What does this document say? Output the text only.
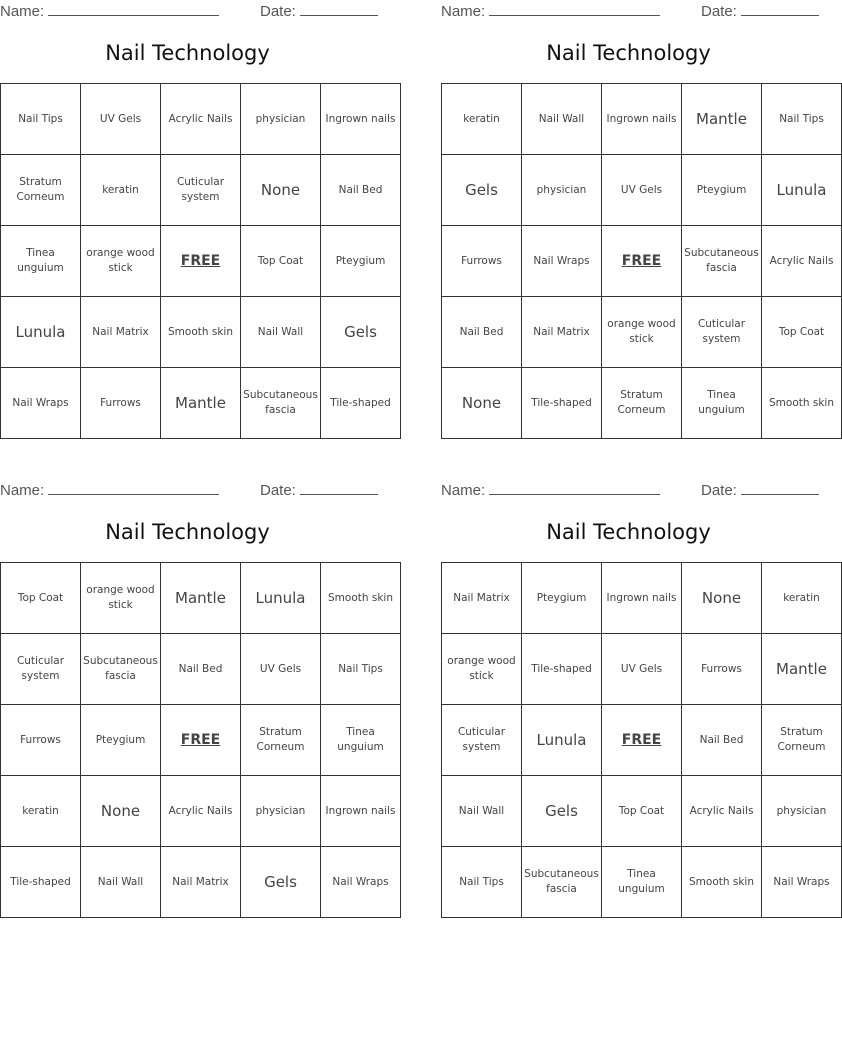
Name:	Date:
Nail Technology
Nail Tips	UV Gels	Acrylic Nails	physician	Ingrown nails
Stratum Corneum	keratin	Cuticular system	None	Nail Bed
Tinea unguium	orange wood stick	FREE	Top Coat	Pteygium
Lunula	Nail Matrix	Smooth skin	Nail Wall	Gels
Nail Wraps	Furrows	Mantle	Subcutaneous fascia	Tile-shaped
Name:	Date:
Nail Technology
keratin	Nail Wall	Ingrown nails	Mantle	Nail Tips
Gels	physician	UV Gels	Pteygium	Lunula
Furrows	Nail Wraps	FREE	Subcutaneous fascia	Acrylic Nails
Nail Bed	Nail Matrix	orange wood stick	Cuticular system	Top Coat
None	Tile-shaped	Stratum Corneum	Tinea unguium	Smooth skin
Name:	Date:
Nail Technology
Top Coat	orange wood stick	Mantle	Lunula	Smooth skin
Cuticular system	Subcutaneous fascia	Nail Bed	UV Gels	Nail Tips
Furrows	Pteygium	FREE	Stratum Corneum	Tinea unguium
keratin	None	Acrylic Nails	physician	Ingrown nails
Tile-shaped	Nail Wall	Nail Matrix	Gels	Nail Wraps
Name:	Date:
Nail Technology
Nail Matrix	Pteygium	Ingrown nails	None	keratin
orange wood stick	Tile-shaped	UV Gels	Furrows	Mantle
Cuticular system	Lunula	FREE	Nail Bed	Stratum Corneum
Nail Wall	Gels	Top Coat	Acrylic Nails	physician
Nail Tips	Subcutaneous fascia	Tinea unguium	Smooth skin	Nail Wraps
